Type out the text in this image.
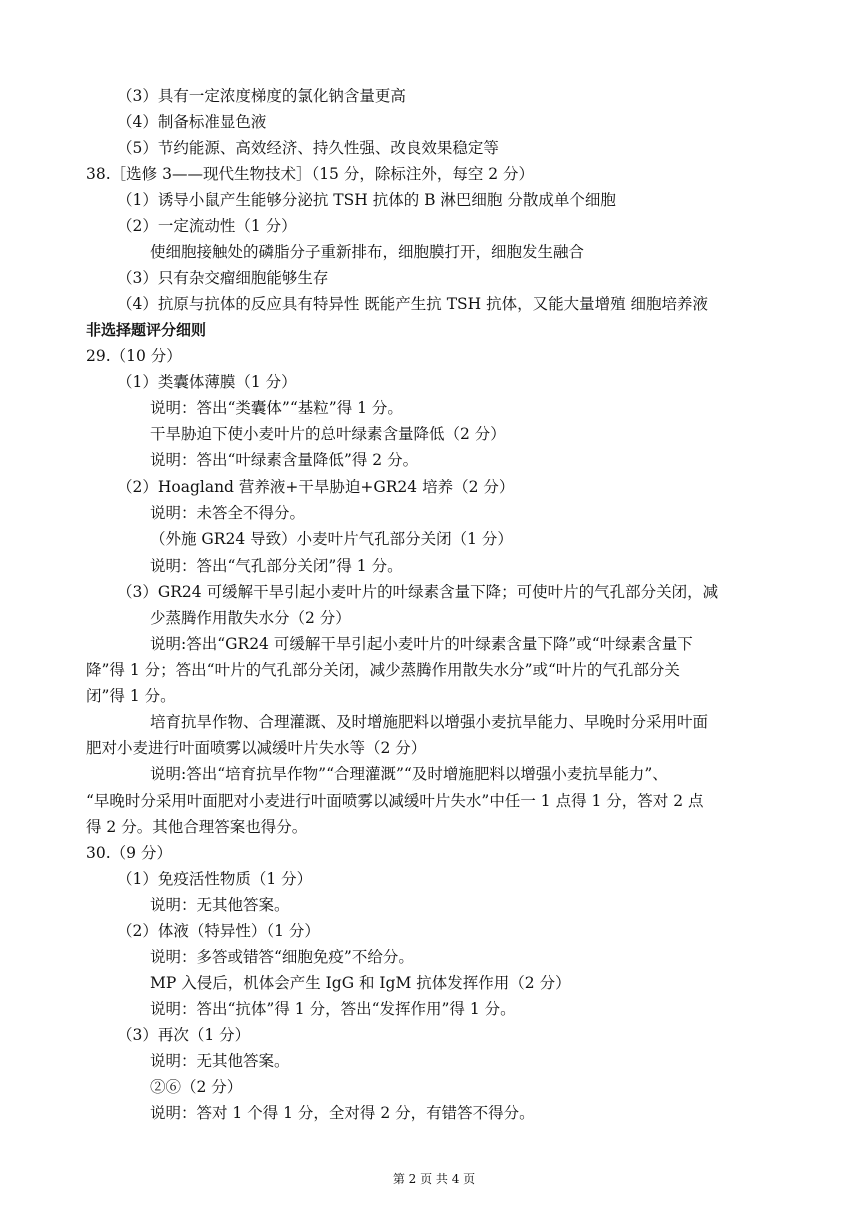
（3）具有一定浓度梯度的氯化钠含量更高
（4）制备标准显色液
（5）节约能源、高效经济、持久性强、改良效果稳定等
38.［选修 3——现代生物技术］（15 分，除标注外，每空 2 分）
（1）诱导小鼠产生能够分泌抗 TSH 抗体的 B 淋巴细胞 分散成单个细胞
（2）一定流动性（1 分）
使细胞接触处的磷脂分子重新排布，细胞膜打开，细胞发生融合
（3）只有杂交瘤细胞能够生存
（4）抗原与抗体的反应具有特异性 既能产生抗 TSH 抗体，又能大量增殖 细胞培养液
非选择题评分细则
29.（10 分）
（1）类囊体薄膜（1 分）
说明：答出“类囊体”“基粒”得 1 分。
干旱胁迫下使小麦叶片的总叶绿素含量降低（2 分）
说明：答出“叶绿素含量降低”得 2 分。
（2）Hoagland 营养液+干旱胁迫+GR24 培养（2 分）
说明：未答全不得分。
（外施 GR24 导致）小麦叶片气孔部分关闭（1 分）
说明：答出“气孔部分关闭”得 1 分。
（3）GR24 可缓解干旱引起小麦叶片的叶绿素含量下降；可使叶片的气孔部分关闭，减
少蒸腾作用散失水分（2 分）
说明:答出“GR24 可缓解干旱引起小麦叶片的叶绿素含量下降”或“叶绿素含量下
降”得 1 分；答出“叶片的气孔部分关闭，减少蒸腾作用散失水分”或“叶片的气孔部分关
闭”得 1 分。
培育抗旱作物、合理灌溉、及时增施肥料以增强小麦抗旱能力、早晚时分采用叶面
肥对小麦进行叶面喷雾以减缓叶片失水等（2 分）
说明:答出“培育抗旱作物”“合理灌溉”“及时增施肥料以增强小麦抗旱能力”、
“早晚时分采用叶面肥对小麦进行叶面喷雾以减缓叶片失水”中任一 1 点得 1 分，答对 2 点
得 2 分。其他合理答案也得分。
30.（9 分）
（1）免疫活性物质（1 分）
说明：无其他答案。
（2）体液（特异性）（1 分）
说明：多答或错答“细胞免疫”不给分。
MP 入侵后，机体会产生 IgG 和 IgM 抗体发挥作用（2 分）
说明：答出“抗体”得 1 分，答出“发挥作用”得 1 分。
（3）再次（1 分）
说明：无其他答案。
②⑥（2 分）
说明：答对 1 个得 1 分，全对得 2 分，有错答不得分。
第 2 页 共 4 页
